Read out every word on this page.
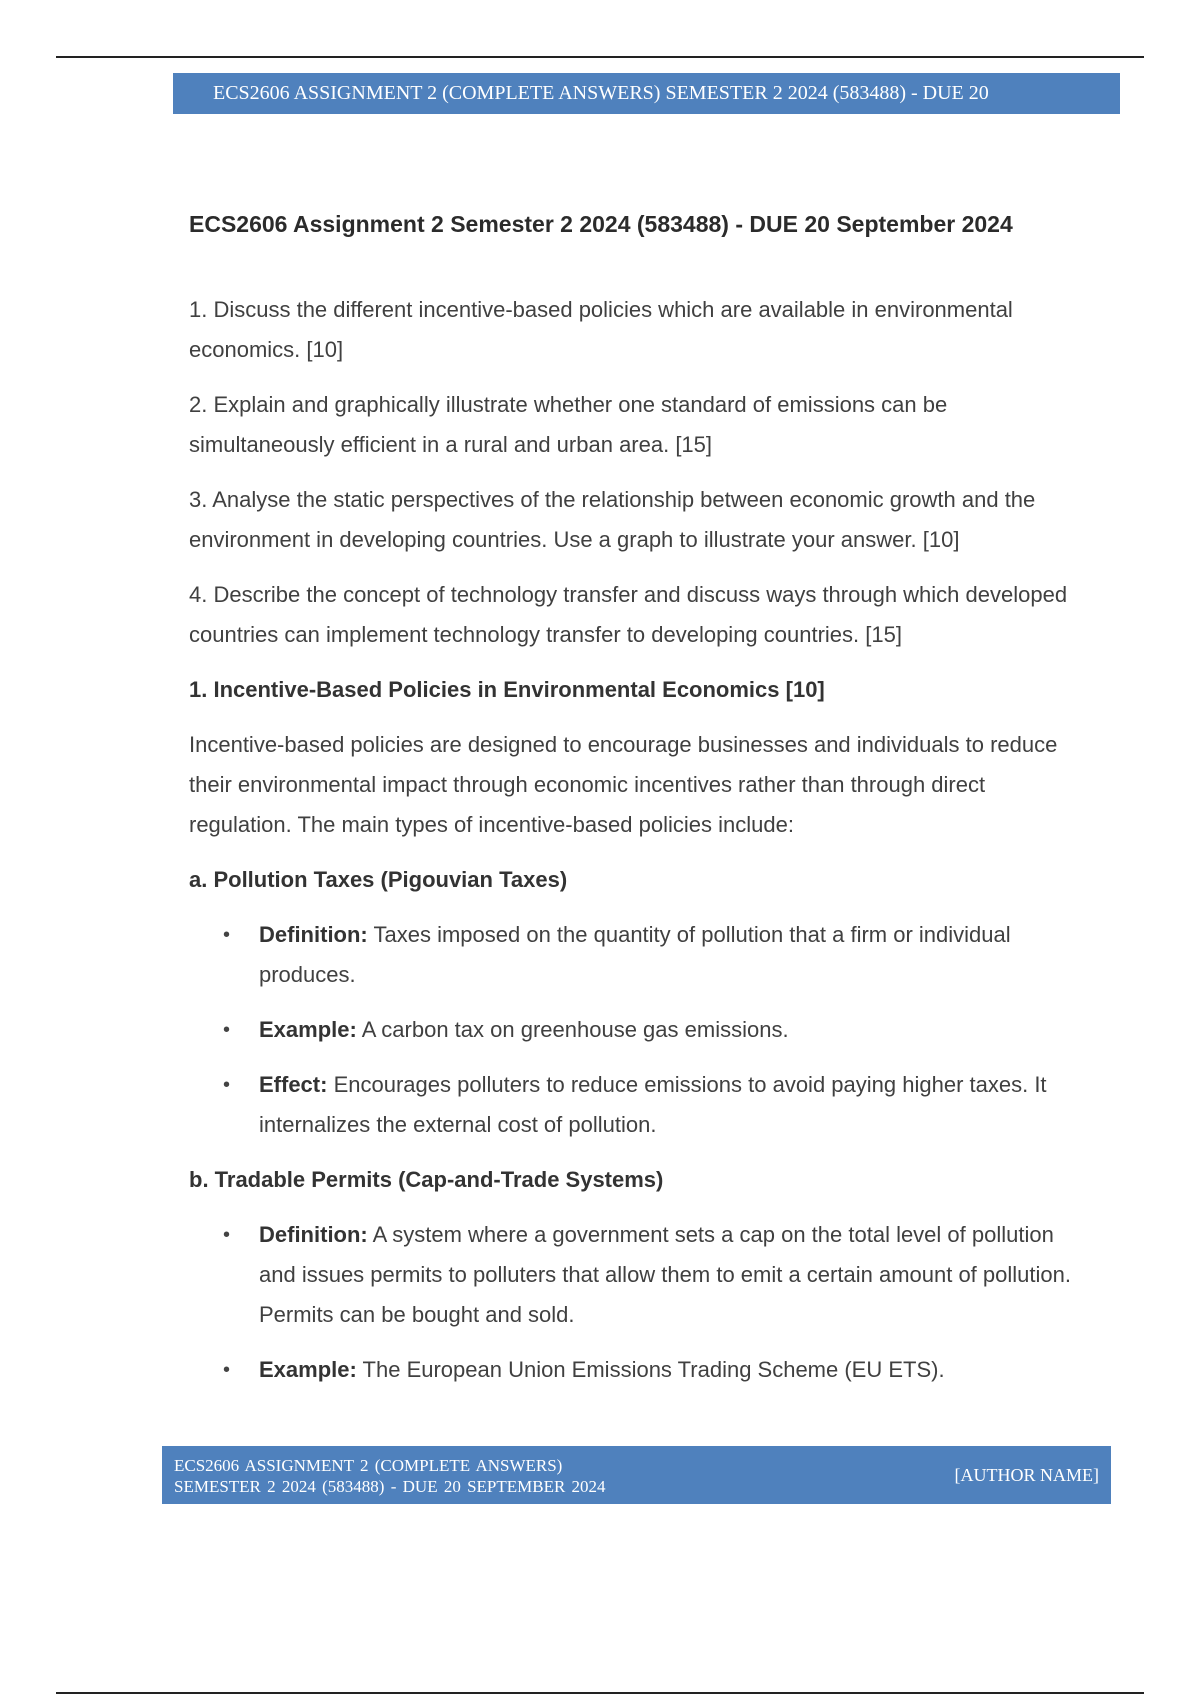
ECS2606 ASSIGNMENT 2 (COMPLETE ANSWERS) SEMESTER 2 2024 (583488) - DUE 20
ECS2606 Assignment 2 Semester 2 2024 (583488) - DUE 20 September 2024

1. Discuss the different incentive-based policies which are available in environmental economics. [10]

2. Explain and graphically illustrate whether one standard of emissions can be simultaneously efficient in a rural and urban area. [15]

3. Analyse the static perspectives of the relationship between economic growth and the environment in developing countries. Use a graph to illustrate your answer. [10]

4. Describe the concept of technology transfer and discuss ways through which developed countries can implement technology transfer to developing countries. [15]

1. Incentive-Based Policies in Environmental Economics [10]

Incentive-based policies are designed to encourage businesses and individuals to reduce their environmental impact through economic incentives rather than through direct regulation. The main types of incentive-based policies include:

a. Pollution Taxes (Pigouvian Taxes)
• Definition: Taxes imposed on the quantity of pollution that a firm or individual produces.
• Example: A carbon tax on greenhouse gas emissions.
• Effect: Encourages polluters to reduce emissions to avoid paying higher taxes. It internalizes the external cost of pollution.
b. Tradable Permits (Cap-and-Trade Systems)
• Definition: A system where a government sets a cap on the total level of pollution and issues permits to polluters that allow them to emit a certain amount of pollution. Permits can be bought and sold.
• Example: The European Union Emissions Trading Scheme (EU ETS).
ECS2606 ASSIGNMENT 2 (COMPLETE ANSWERS)
SEMESTER 2 2024 (583488) - DUE 20 SEPTEMBER 2024
[AUTHOR NAME]
